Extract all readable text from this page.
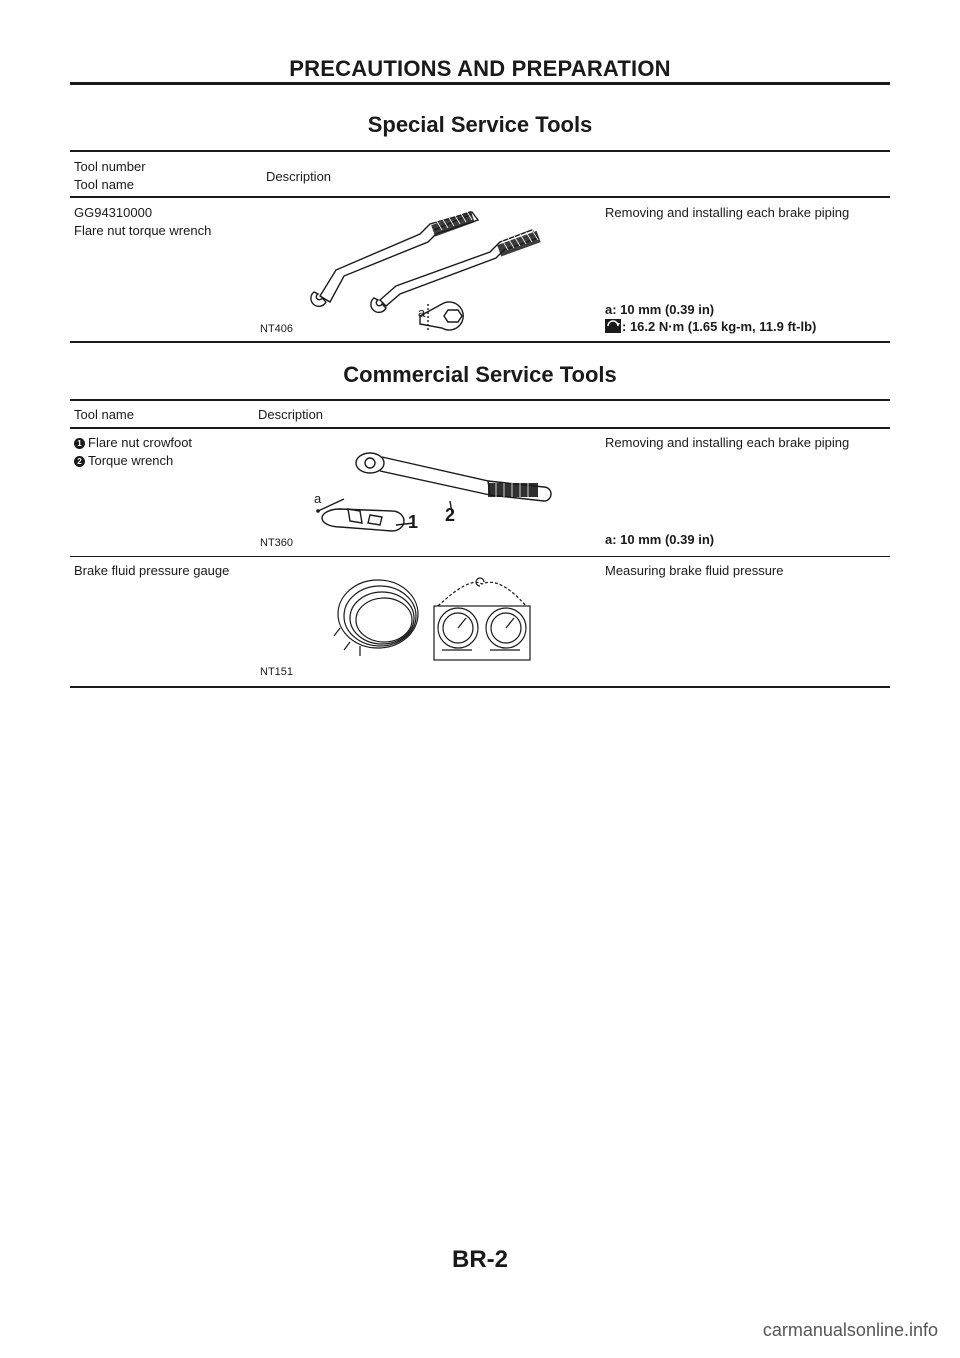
PRECAUTIONS AND PREPARATION
Special Service Tools
Tool number
Tool name
Description
GG94310000
Flare nut torque wrench
a
NT406
Removing and installing each brake piping
a: 10 mm (0.39 in)
: 16.2 N·m (1.65 kg-m, 11.9 ft-lb)
Commercial Service Tools
Tool name	Description
1 Flare nut crowfoot
2 Torque wrench
a
1 2
NT360
Removing and installing each brake piping
a: 10 mm (0.39 in)
Brake fluid pressure gauge
NT151
Measuring brake fluid pressure
BR-2
carmanualsonline.info
